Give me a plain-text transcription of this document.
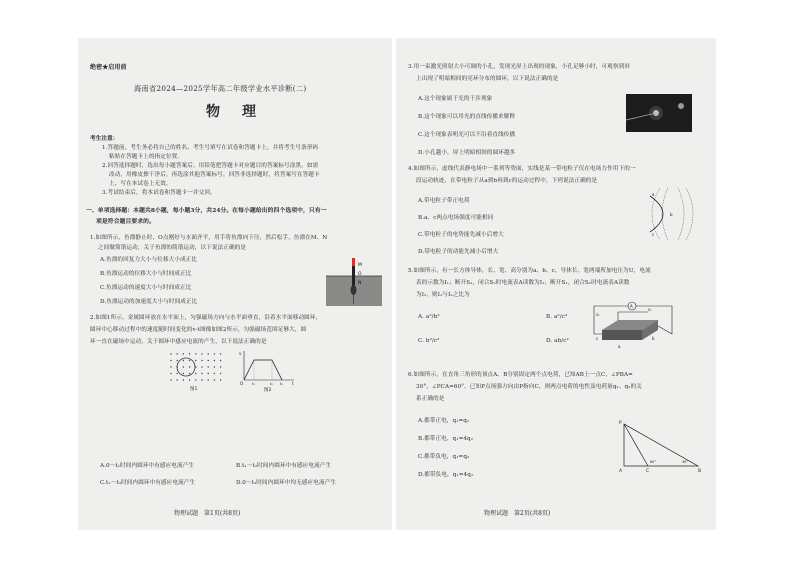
绝密★启用前
海南省2024—2025学年高二年级学业水平诊断(二)
物　理
考生注意：
1.答题前，考生务必将自己的姓名、考生号填写在试卷和答题卡上，并将考生号条形码
粘贴在答题卡上的指定位置。
2.回答选择题时，选出每小题答案后，用铅笔把答题卡对应题目的答案标号涂黑。如需
改动，用橡皮擦干净后，再选涂其他答案标号。回答非选择题时，将答案写在答题卡
上，写在本试卷上无效。
3.考试结束后，将本试卷和答题卡一并交回。
一、单项选择题：本题共8小题，每小题3分，共24分。在每小题给出的四个选项中，只有一
项是符合题目要求的。
1.如图所示，鱼漂静止时，O点刚好与水面齐平，用手将鱼漂向下压，然后松手，鱼漂在M、N
之间做简谐运动，关于鱼漂的简谐运动，以下说法正确的是
A.鱼漂的回复力大小与位移大小成正比
B.鱼漂运动的位移大小与时间成正比
C.鱼漂运动的速度大小与时间成正比
D.鱼漂运动的加速度大小与时间成正比
M
O
N
2.如图1所示，金属圆环放在水平面上，匀强磁场方向与水平面垂直，沿着水平面移动圆环，
圆环中心移动过程中的速度随时间变化的v-t图像如图2所示，匀强磁场范围足够大，圆
环一直在磁场中运动，关于圆环中感应电流的产生，以下说法正确的是
图1
v
t
O t₁	t₂ t₃
图2
A.0～t₁时间内圆环中有感应电流产生	B.t₁～t₂时间内圆环中有感应电流产生
C.t₂～t₃时间内圆环中有感应电流产生	D.0～t₃时间内圆环中均无感应电流产生
物理试题　第1页(共8页)
3.用一束激光照射大小可调的小孔，发现光屏上出现的现象，小孔足够小时，可观察到屏
上出现了明暗相间的亮环分布的圆环，以下说法正确的是
A.这个现象属于光的干涉现象
B.这个现象可以用光的直线传播来解释
C.这个现象表明光可以不沿着直线传播
D.小孔越小，屏上明暗相间的圆环越多
4.如图所示，虚线代表静电场中一系列等势面，实线是某一带电粒子仅在电场力作用下的一
段运动轨迹，在带电粒子从a到b再到c的运动过程中，下列说法正确的是
A.带电粒子带正电荷
B.a、c两点电场强度可能相同
C.带电粒子的电势能先减小后增大
D.带电粒子的动能先减小后增大
a
b
c
5.如图所示，有一长方体导体，长、宽、高分别为a、b、c，导体长、宽两端所加电压为U，电流
表的示数为I₁；断开S₁，闭合S₂时电流表A读数为I₁；断开S₁，闭合S₂时电流表A读数
为I₂，则I₁与I₂之比为
A. a²/b²	B. a²/c²
C. b²/c²	D. ab/c²
A
S₁
S₂
a
b
c
6.如图所示，在直角三角形的顶点A、B分别固定两个点电荷，已知AB上一点C，∠PBA=
30°，∠PCA=60°，已知P点场强方向由P指向C，则两点电荷的电性及电荷量q₁、q₂的关
系正确的是
A.都带正电，q₁=q₂
B.都带正电，q₁=4q₂
C.都带负电，q₁=q₂
D.都带负电，q₁=4q₂
P
A	C	B
60°	30°
物理试题　第2页(共8页)
